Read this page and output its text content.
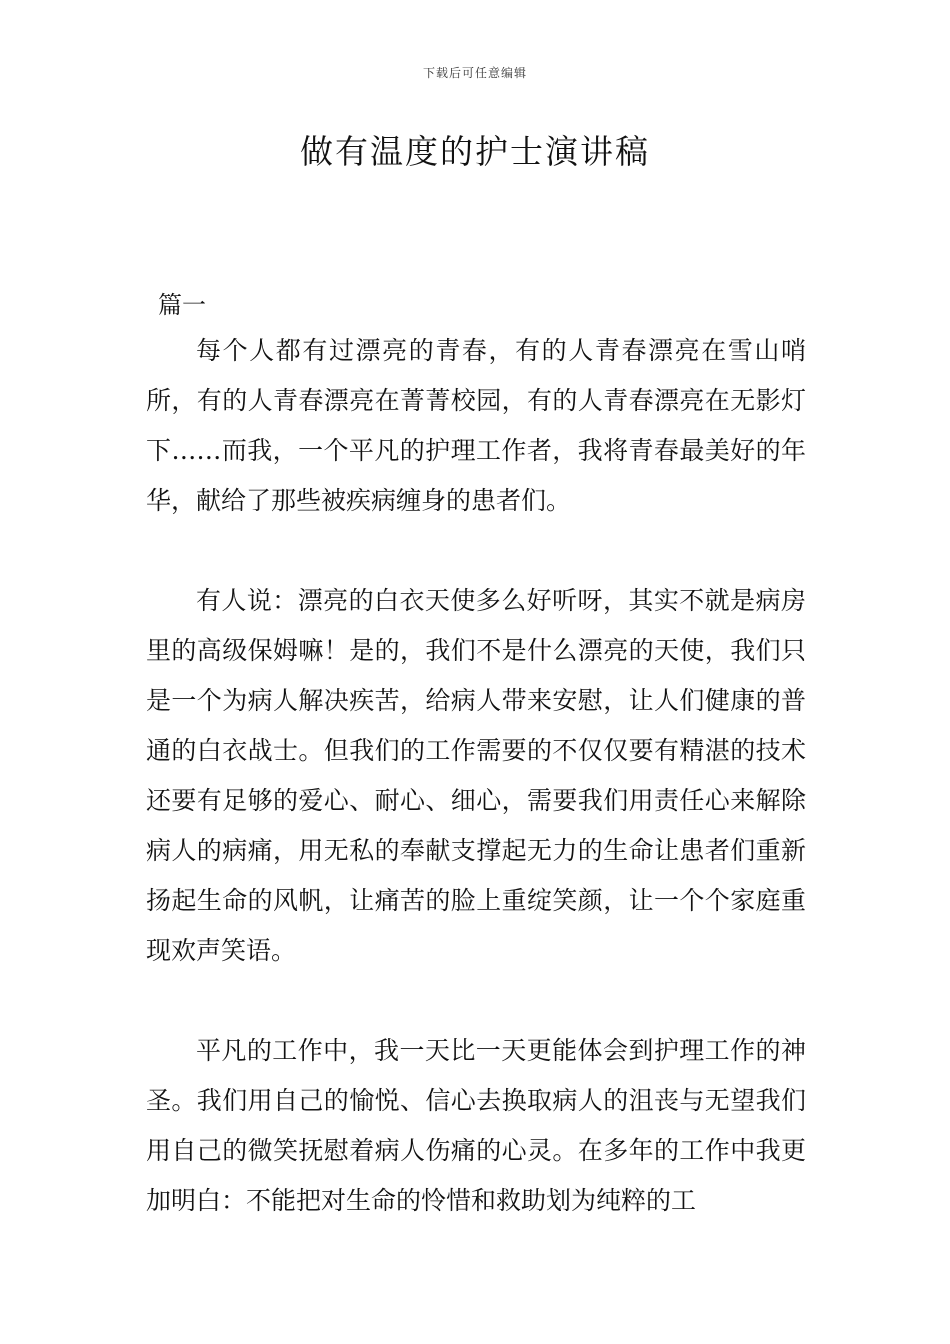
下载后可任意编辑
做有温度的护士演讲稿
篇一

每个人都有过漂亮的青春，有的人青春漂亮在雪山哨所，有的人青春漂亮在菁菁校园，有的人青春漂亮在无影灯下……而我，一个平凡的护理工作者，我将青春最美好的年华，献给了那些被疾病缠身的患者们。

有人说：漂亮的白衣天使多么好听呀，其实不就是病房里的高级保姆嘛！是的，我们不是什么漂亮的天使，我们只是一个为病人解决疾苦，给病人带来安慰，让人们健康的普通的白衣战士。但我们的工作需要的不仅仅要有精湛的技术还要有足够的爱心、耐心、细心，需要我们用责任心来解除病人的病痛，用无私的奉献支撑起无力的生命让患者们重新扬起生命的风帆，让痛苦的脸上重绽笑颜，让一个个家庭重现欢声笑语。

平凡的工作中，我一天比一天更能体会到护理工作的神圣。我们用自己的愉悦、信心去换取病人的沮丧与无望我们用自己的微笑抚慰着病人伤痛的心灵。在多年的工作中我更加明白：不能把对生命的怜惜和救助划为纯粹的工
